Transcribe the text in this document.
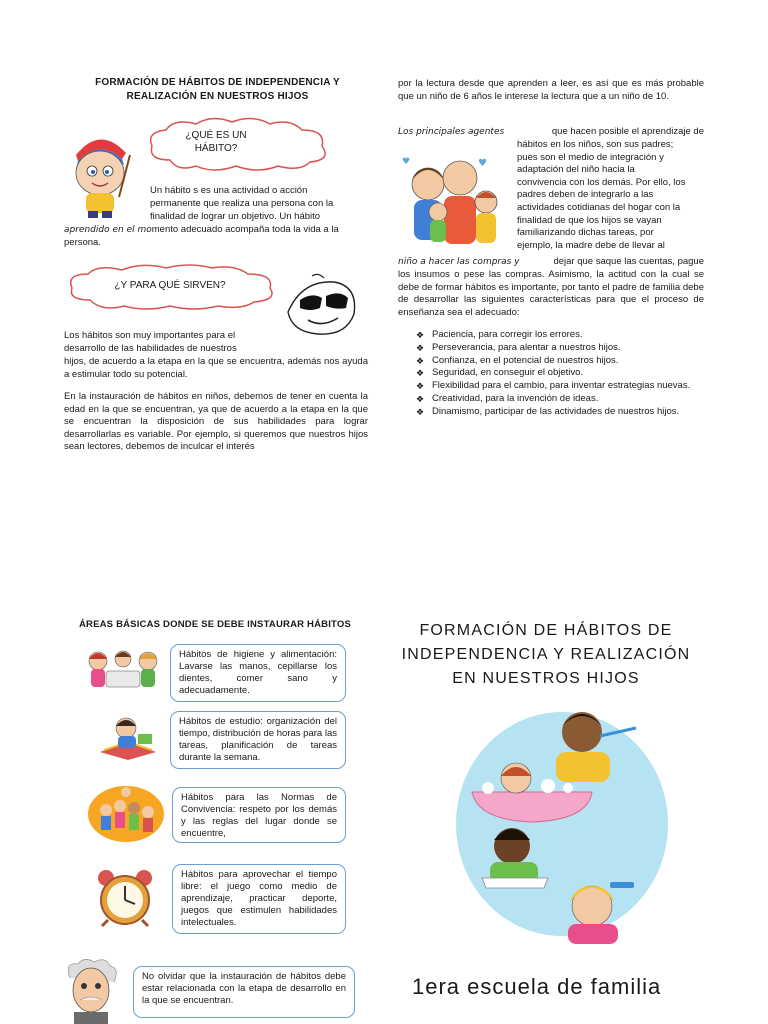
FORMACIÓN DE HÁBITOS DE INDEPENDENCIA Y
REALIZACIÓN EN NUESTROS HIJOS
¿QUÉ ES UN HÁBITO?
Un hábito s es una actividad o acción
permanente que realiza una persona con la
finalidad de lograr un objetivo. Un hábito
aprendido en el momento adecuado acompaña toda la vida a la
persona.
¿Y PARA QUÉ SIRVEN?
Los hábitos son muy importantes para el
desarrollo de las habilidades de nuestros
hijos, de acuerdo a la etapa en la que se encuentra, además nos ayuda a estimular todo su potencial.
En la instauración de hábitos en niños, debemos de tener en cuenta la edad en la que se encuentran, ya que de acuerdo a la etapa en la que se encuentran la disposición de sus habilidades para lograr desarrollarlas es variable. Por ejemplo, si queremos que nuestros hijos sean lectores, debemos de inculcar el interés
por la lectura desde que aprenden a leer, es así que es más probable que un niño de 6 años le interese la lectura que a un niño de 10.
Los principales agentes	que hacen posible el aprendizaje de
♥
♥
hábitos en los niños, son sus padres;
pues son el medio de integración y
adaptación del niño hacia la
convivencia con los demás. Por ello, los
padres deben de integrarlo a las
actividades cotidianas del hogar con la
finalidad de que los hijos se vayan
familiarizando dichas tareas, por
ejemplo, la madre debe de llevar al
niño a hacer las compras y	dejar que saque las cuentas, pague
los insumos o pese las compras. Asimismo, la actitud con la cual se debe de formar hábitos es importante, por tanto el padre de familia debe de desarrollar las siguientes características para que el proceso de enseñanza sea el adecuado:
❖ Paciencia, para corregir los errores.
❖ Perseverancia, para alentar a nuestros hijos.
❖ Confianza, en el potencial de nuestros hijos.
❖ Seguridad, en conseguir el objetivo.
❖ Flexibilidad para el cambio, para inventar estrategias nuevas.
❖ Creatividad, para la invención de ideas.
❖ Dinamismo, participar de las actividades de nuestros hijos.
ÁREAS BÁSICAS DONDE SE DEBE INSTAURAR HÁBITOS
Hábitos de higiene y alimentación: Lavarse las manos, cepillarse los dientes, comer sano y adecuadamente.
Hábitos de estudio: organización del tiempo, distribución de horas para las tareas, planificación de tareas durante la semana.
Hábitos para las Normas de Convivencia: respeto por los demás y las reglas del lugar donde se encuentre,
Hábitos para aprovechar el tiempo libre: el juego como medio de aprendizaje, practicar deporte, juegos que estimulen habilidades intelectuales.
No olvidar que la instauración de hábitos debe estar relacionada con la etapa de desarrollo en la que se encuentran.
FORMACIÓN DE HÁBITOS DE
INDEPENDENCIA Y REALIZACIÓN
EN NUESTROS HIJOS
1era escuela de familia
